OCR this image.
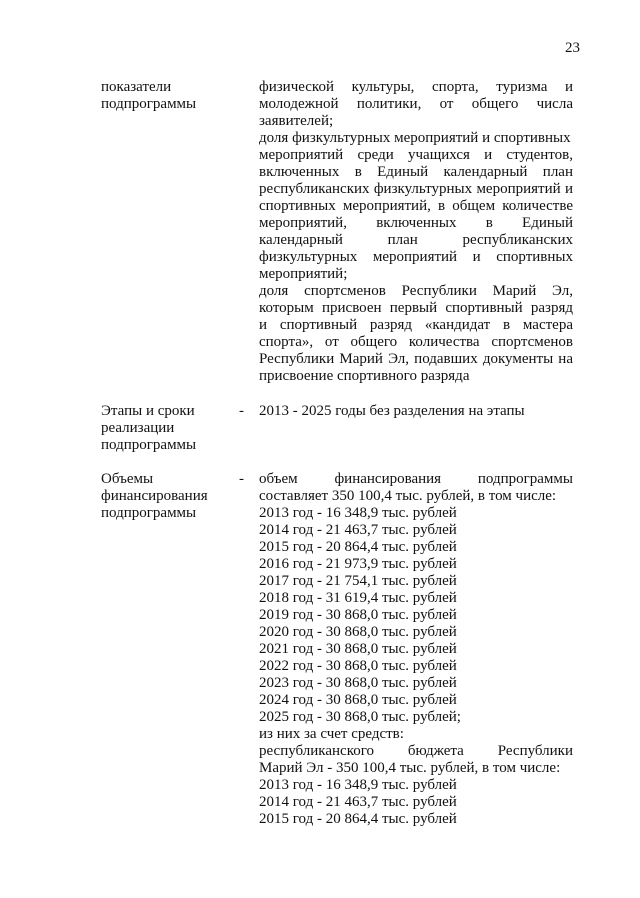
23
показатели
подпрограммы
физической культуры, спорта, туризма и
молодежной политики, от общего числа
заявителей;
доля физкультурных мероприятий и спортивных
мероприятий среди учащихся и студентов,
включенных в Единый календарный план
республиканских физкультурных мероприятий и
спортивных мероприятий, в общем количестве
мероприятий, включенных в Единый
календарный план республиканских
физкультурных мероприятий и спортивных
мероприятий;
доля спортсменов Республики Марий Эл,
которым присвоен первый спортивный разряд
и спортивный разряд «кандидат в мастера
спорта», от общего количества спортсменов
Республики Марий Эл, подавших документы на
присвоение спортивного разряда
Этапы и сроки
реализации
подпрограммы
-	2013 - 2025 годы без разделения на этапы
Объемы
финансирования
подпрограммы
-	объем финансирования подпрограммы
составляет 350 100,4 тыс. рублей, в том числе:
2013 год - 16 348,9 тыс. рублей
2014 год - 21 463,7 тыс. рублей
2015 год - 20 864,4 тыс. рублей
2016 год - 21 973,9 тыс. рублей
2017 год - 21 754,1 тыс. рублей
2018 год - 31 619,4 тыс. рублей
2019 год - 30 868,0 тыс. рублей
2020 год - 30 868,0 тыс. рублей
2021 год - 30 868,0 тыс. рублей
2022 год - 30 868,0 тыс. рублей
2023 год - 30 868,0 тыс. рублей
2024 год - 30 868,0 тыс. рублей
2025 год - 30 868,0 тыс. рублей;
из них за счет средств:
республиканского бюджета Республики
Марий Эл - 350 100,4 тыс. рублей, в том числе:
2013 год - 16 348,9 тыс. рублей
2014 год - 21 463,7 тыс. рублей
2015 год - 20 864,4 тыс. рублей
